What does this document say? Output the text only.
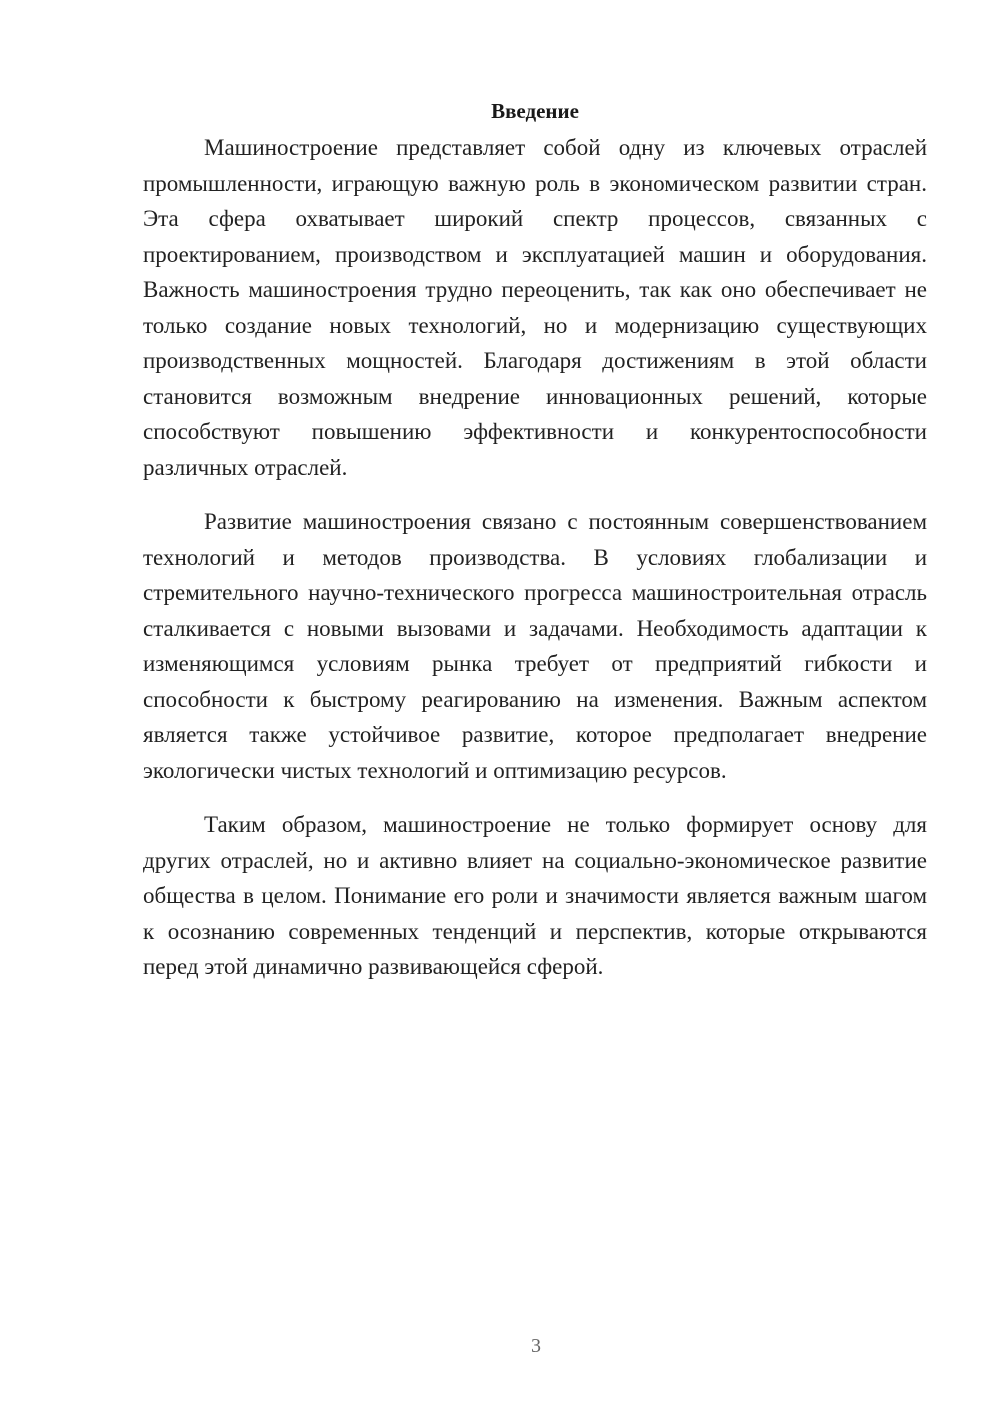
Введение

Машиностроение представляет собой одну из ключевых отраслей промышленности, играющую важную роль в экономическом развитии стран. Эта сфера охватывает широкий спектр процессов, связанных с проектированием, производством и эксплуатацией машин и оборудования. Важность машиностроения трудно переоценить, так как оно обеспечивает не только создание новых технологий, но и модернизацию существующих производственных мощностей. Благодаря достижениям в этой области становится возможным внедрение инновационных решений, которые способствуют повышению эффективности и конкурентоспособности различных отраслей.

Развитие машиностроения связано с постоянным совершенствованием технологий и методов производства. В условиях глобализации и стремительного научно-технического прогресса машиностроительная отрасль сталкивается с новыми вызовами и задачами. Необходимость адаптации к изменяющимся условиям рынка требует от предприятий гибкости и способности к быстрому реагированию на изменения. Важным аспектом является также устойчивое развитие, которое предполагает внедрение экологически чистых технологий и оптимизацию ресурсов.

Таким образом, машиностроение не только формирует основу для других отраслей, но и активно влияет на социально-экономическое развитие общества в целом. Понимание его роли и значимости является важным шагом к осознанию современных тенденций и перспектив, которые открываются перед этой динамично развивающейся сферой.

3
